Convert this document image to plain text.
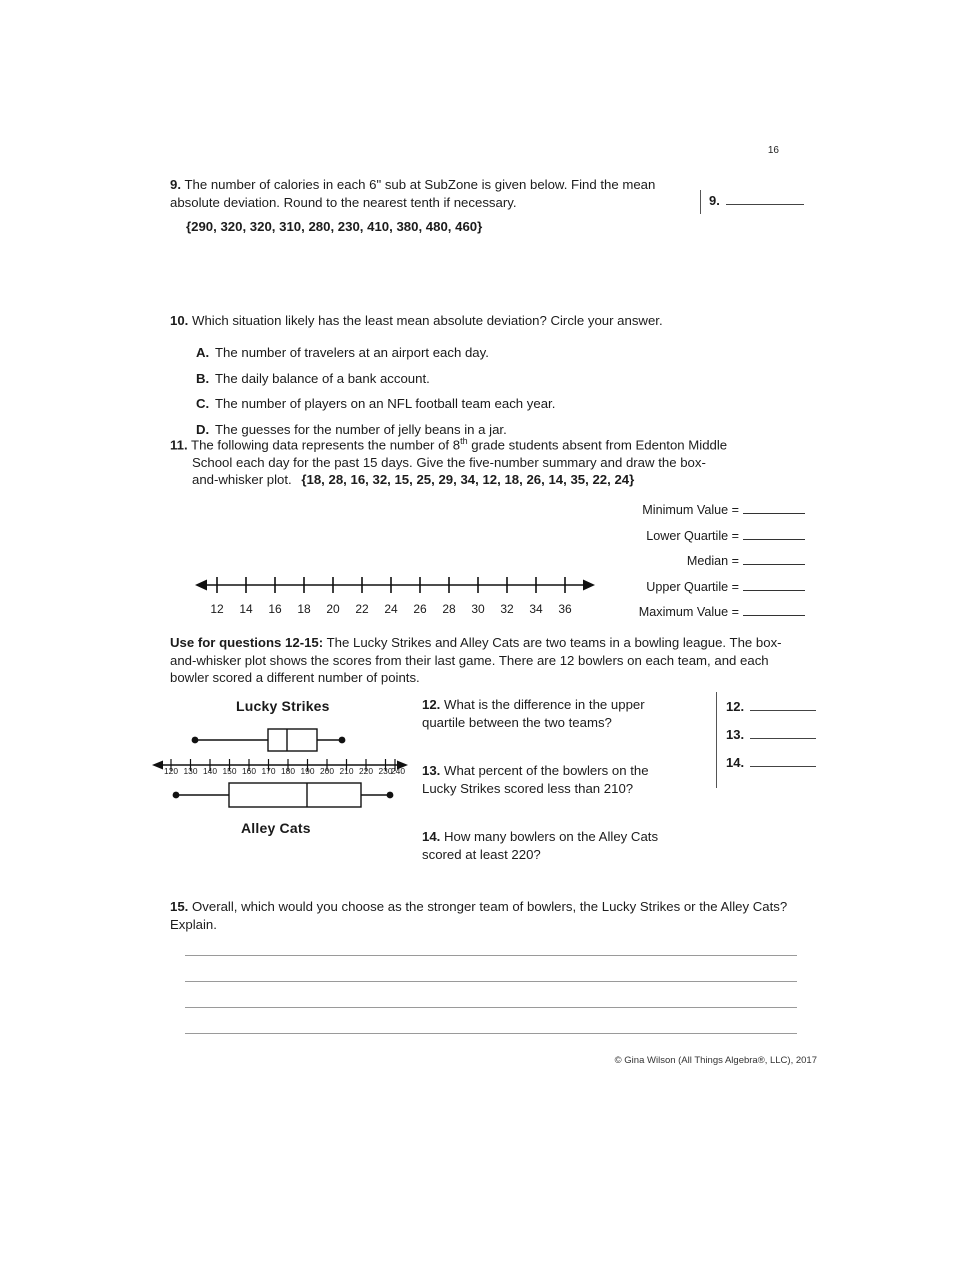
16
9. The number of calories in each 6" sub at SubZone is given below. Find the mean absolute deviation. Round to the nearest tenth if necessary.
{290, 320, 320, 310, 280, 230, 410, 380, 480, 460}
9.
10. Which situation likely has the least mean absolute deviation? Circle your answer.
A. The number of travelers at an airport each day.
B. The daily balance of a bank account.
C. The number of players on an NFL football team each year.
D. The guesses for the number of jelly beans in a jar.
11. The following data represents the number of 8th grade students absent from Edenton Middle
School each day for the past 15 days. Give the five-number summary and draw the box-
and-whisker plot. {18, 28, 16, 32, 15, 25, 29, 34, 12, 18, 26, 14, 35, 22, 24}
Minimum Value =
Lower Quartile =
Median =
Upper Quartile =
Maximum Value =
12	14	16	18	20	22	24	26	28	30	32	34	36
Use for questions 12-15: The Lucky Strikes and Alley Cats are two teams in a bowling league. The box-and-whisker plot shows the scores from their last game. There are 12 bowlers on each team, and each bowler scored a different number of points.
Lucky Strikes
Alley Cats
120 130 140 150 160 170 180 190 200 210 220 230
240
12. What is the difference in the upper quartile between the two teams?
13. What percent of the bowlers on the Lucky Strikes scored less than 210?
14. How many bowlers on the Alley Cats scored at least 220?
12.
13.
14.
15. Overall, which would you choose as the stronger team of bowlers, the Lucky Strikes or the Alley Cats? Explain.
© Gina Wilson (All Things Algebra®, LLC), 2017
